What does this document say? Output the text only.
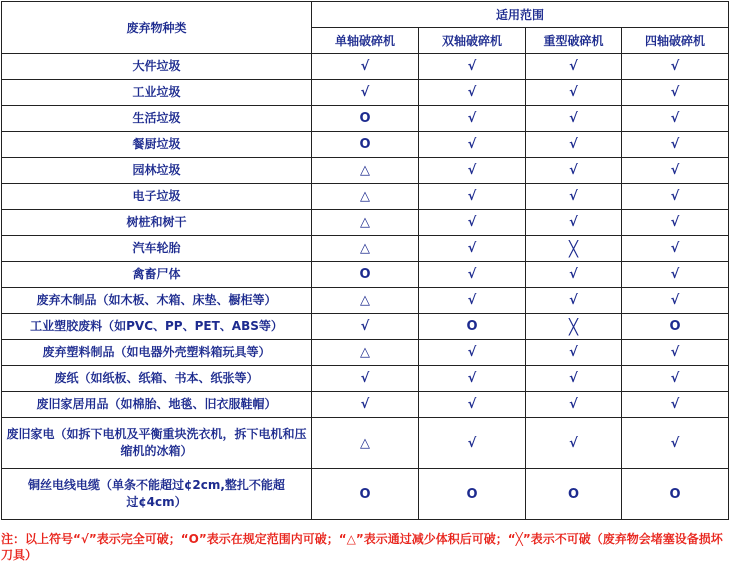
废弃物种类	适用范围			
	单轴破碎机	双轴破碎机	重型破碎机	四轴破碎机
大件垃圾	√	√	√	√
工业垃圾	√	√	√	√
生活垃圾	O	√	√	√
餐厨垃圾	O	√	√	√
园林垃圾	△	√	√	√
电子垃圾	△	√	√	√
树桩和树干	△	√	√	√
汽车轮胎	△	√	╳	√
禽畜尸体	O	√	√	√
废弃木制品（如木板、木箱、床垫、橱柜等）	△	√	√	√
工业塑胶废料（如PVC、PP、PET、ABS等）	√	O	╳	O
废弃塑料制品（如电器外壳塑料箱玩具等）	△	√	√	√
废纸（如纸板、纸箱、书本、纸张等）	√	√	√	√
废旧家居用品（如棉胎、地毯、旧衣服鞋帽）	√	√	√	√
废旧家电（如拆下电机及平衡重块洗衣机，拆下电机和压缩机的冰箱）	△	√	√	√
铜丝电线电缆（单条不能超过¢2cm,整扎不能超过¢4cm）	O	O	O	O
注：以上符号“√”表示完全可破；“O”表示在规定范围内可破；“△”表示通过减少体积后可破；“╳”表示不可破（废弃物会堵塞设备损坏刀具）
